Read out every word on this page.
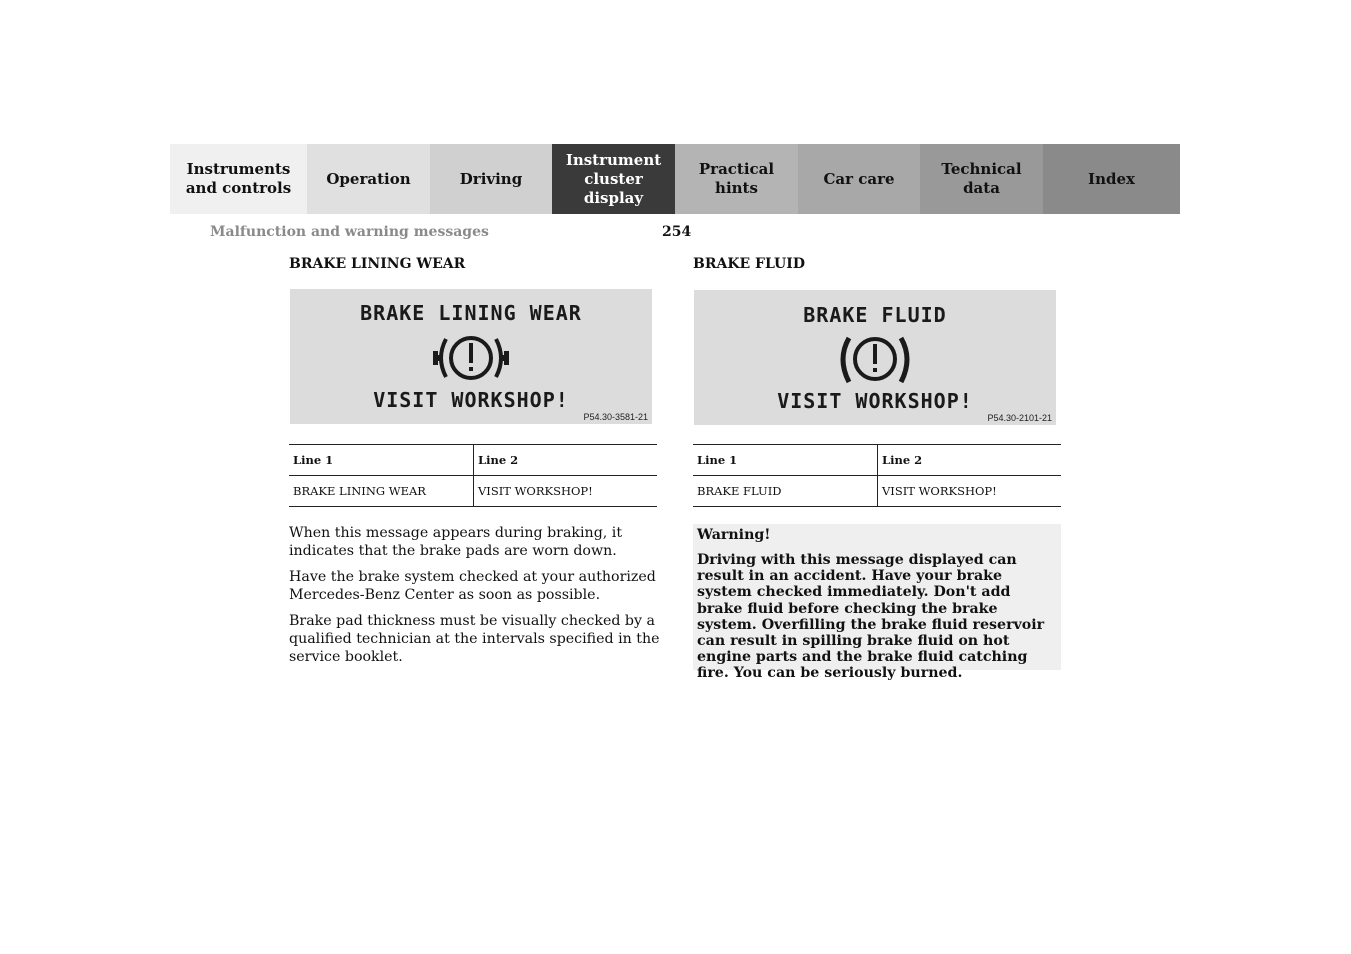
Instruments
and controls
Operation	Driving
Instrument
cluster display
Practical hints
Car care
Technical
data
Index
Malfunction and warning messages	254
BRAKE LINING WEAR
BRAKE LINING WEAR
VISIT WORKSHOP!
P54.30-3581-21
Line 1	Line 2
BRAKE LINING WEAR	VISIT WORKSHOP!

When this message appears during braking, it indicates that the brake pads are worn down.

Have the brake system checked at your authorized Mercedes-Benz Center as soon as possible.

Brake pad thickness must be visually checked by a qualified technician at the intervals specified in the service booklet.

BRAKE FLUID
BRAKE FLUID
VISIT WORKSHOP!
P54.30-2101-21
Line 1	Line 2
BRAKE FLUID	VISIT WORKSHOP!
Warning!
Driving with this message displayed can result in an accident. Have your brake system checked immediately. Don't add brake fluid before checking the brake system. Overfilling the brake fluid reservoir can result in spilling brake fluid on hot engine parts and the brake fluid catching fire. You can be seriously burned.
